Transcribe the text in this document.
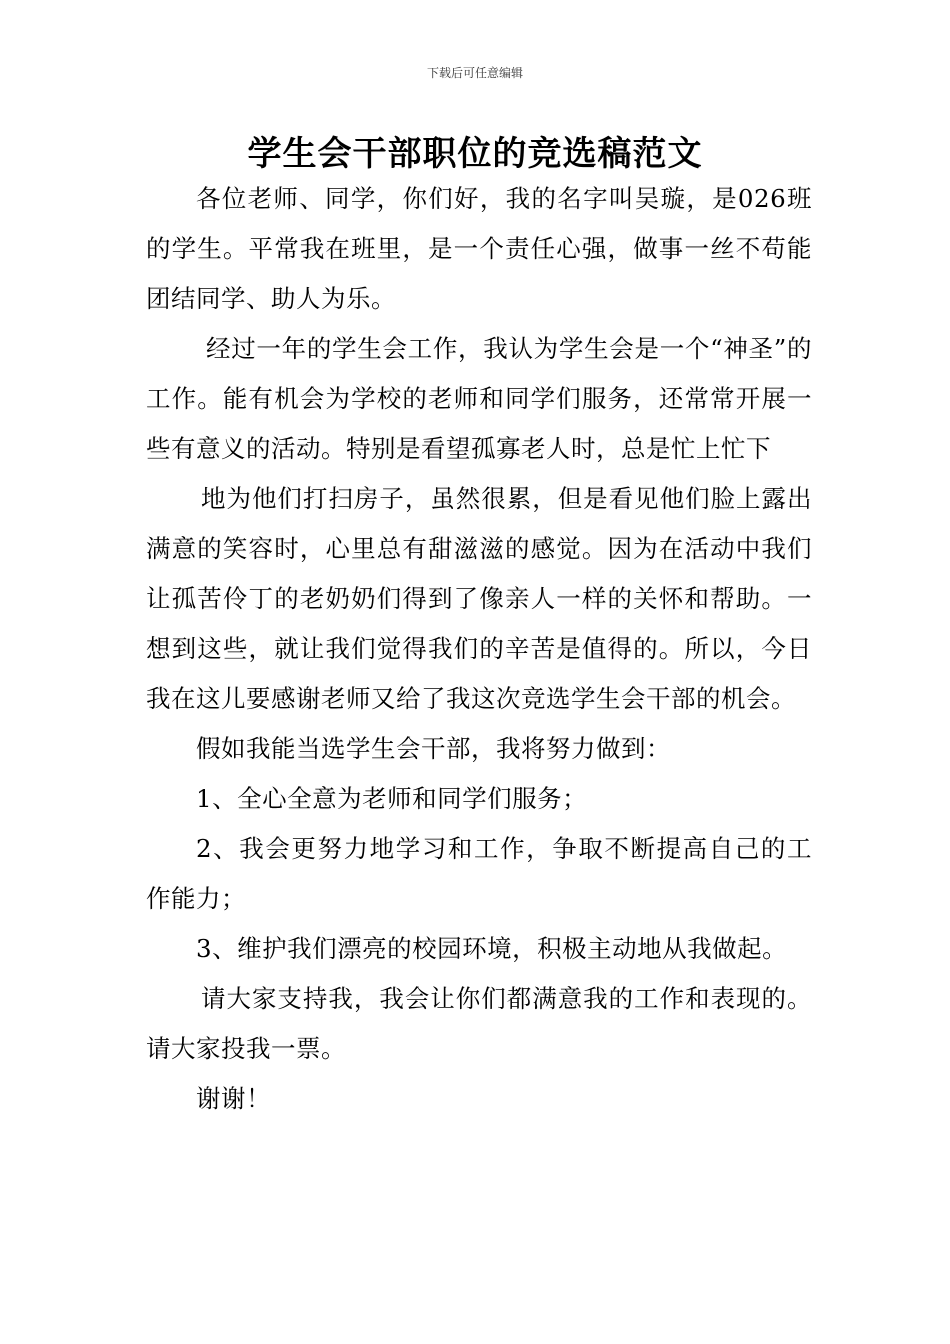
下载后可任意编辑
学生会干部职位的竞选稿范文

各位老师、同学，你们好，我的名字叫吴璇，是026班的学生。平常我在班里，是一个责任心强，做事一丝不苟能团结同学、助人为乐。

经过一年的学生会工作，我认为学生会是一个“神圣”的工作。能有机会为学校的老师和同学们服务，还常常开展一些有意义的活动。特别是看望孤寡老人时，总是忙上忙下

地为他们打扫房子，虽然很累，但是看见他们脸上露出满意的笑容时，心里总有甜滋滋的感觉。因为在活动中我们让孤苦伶丁的老奶奶们得到了像亲人一样的关怀和帮助。一想到这些，就让我们觉得我们的辛苦是值得的。所以，今日我在这儿要感谢老师又给了我这次竞选学生会干部的机会。

假如我能当选学生会干部，我将努力做到：

1、全心全意为老师和同学们服务；

2、我会更努力地学习和工作，争取不断提高自己的工作能力；

3、维护我们漂亮的校园环境，积极主动地从我做起。

请大家支持我，我会让你们都满意我的工作和表现的。请大家投我一票。

谢谢！
